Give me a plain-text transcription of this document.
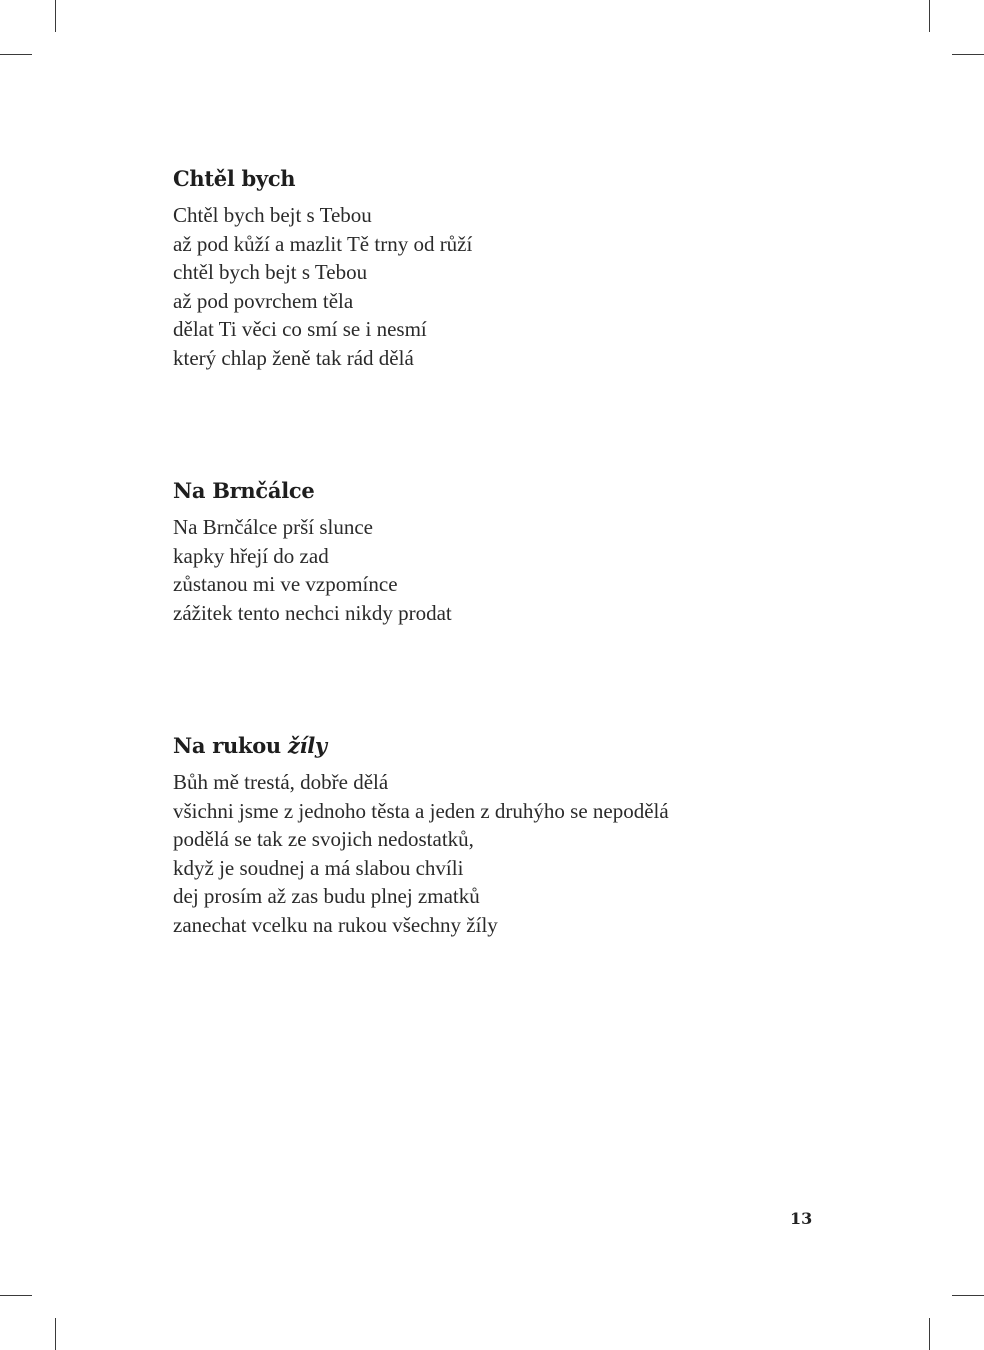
Chtěl bych
Chtěl bych bejt s Tebou
až pod kůží a mazlit Tě trny od růží
chtěl bych bejt s Tebou
až pod povrchem těla
dělat Ti věci co smí se i nesmí
který chlap ženě tak rád dělá
Na Brnčálce
Na Brnčálce prší slunce
kapky hřejí do zad
zůstanou mi ve vzpomínce
zážitek tento nechci nikdy prodat
Na rukou žíly
Bůh mě trestá, dobře dělá
všichni jsme z jednoho těsta a jeden z druhýho se nepodělá
podělá se tak ze svojich nedostatků,
když je soudnej a má slabou chvíli
dej prosím až zas budu plnej zmatků
zanechat vcelku na rukou všechny žíly
13
